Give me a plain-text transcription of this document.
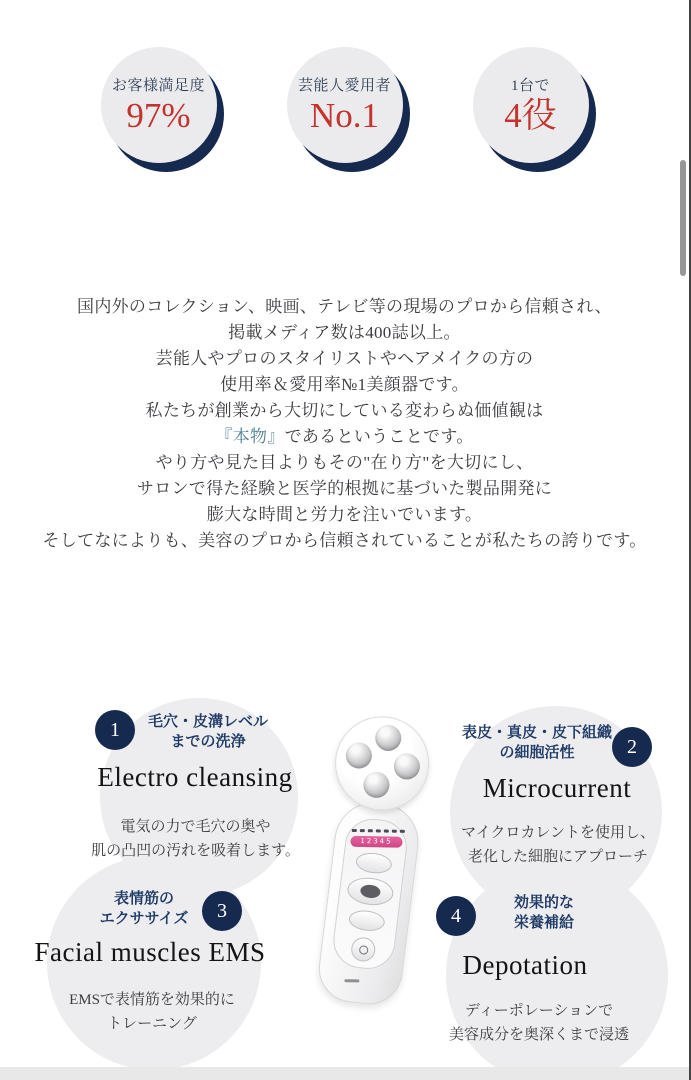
お客様満足度
97%
芸能人愛用者
No.1
1台で
4役

国内外のコレクション、映画、テレビ等の現場のプロから信頼され、

掲載メディア数は400誌以上。

芸能人やプロのスタイリストやヘアメイクの方の

使用率＆愛用率№1美顔器です。

私たちが創業から大切にしている変わらぬ価値観は

『本物』であるということです。

やり方や見た目よりもその"在り方"を大切にし、

サロンで得た経験と医学的根拠に基づいた製品開発に

膨大な時間と労力を注いでいます。

そしてなによりも、美容のプロから信頼されていることが私たちの誇りです。

1	毛穴・皮溝レベル
までの洗浄
Electro cleansing
電気の力で毛穴の奥や
肌の凸凹の汚れを吸着します。
2
表皮・真皮・皮下組織
の細胞活性
Microcurrent
マイクロカレントを使用し、
老化した細胞にアプローチ
3
表情筋の
エクササイズ
Facial muscles EMS
EMSで表情筋を効果的に
トレーニング
4
効果的な
栄養補給
Depotation
ディーポレーションで
美容成分を奥深くまで浸透
12345
